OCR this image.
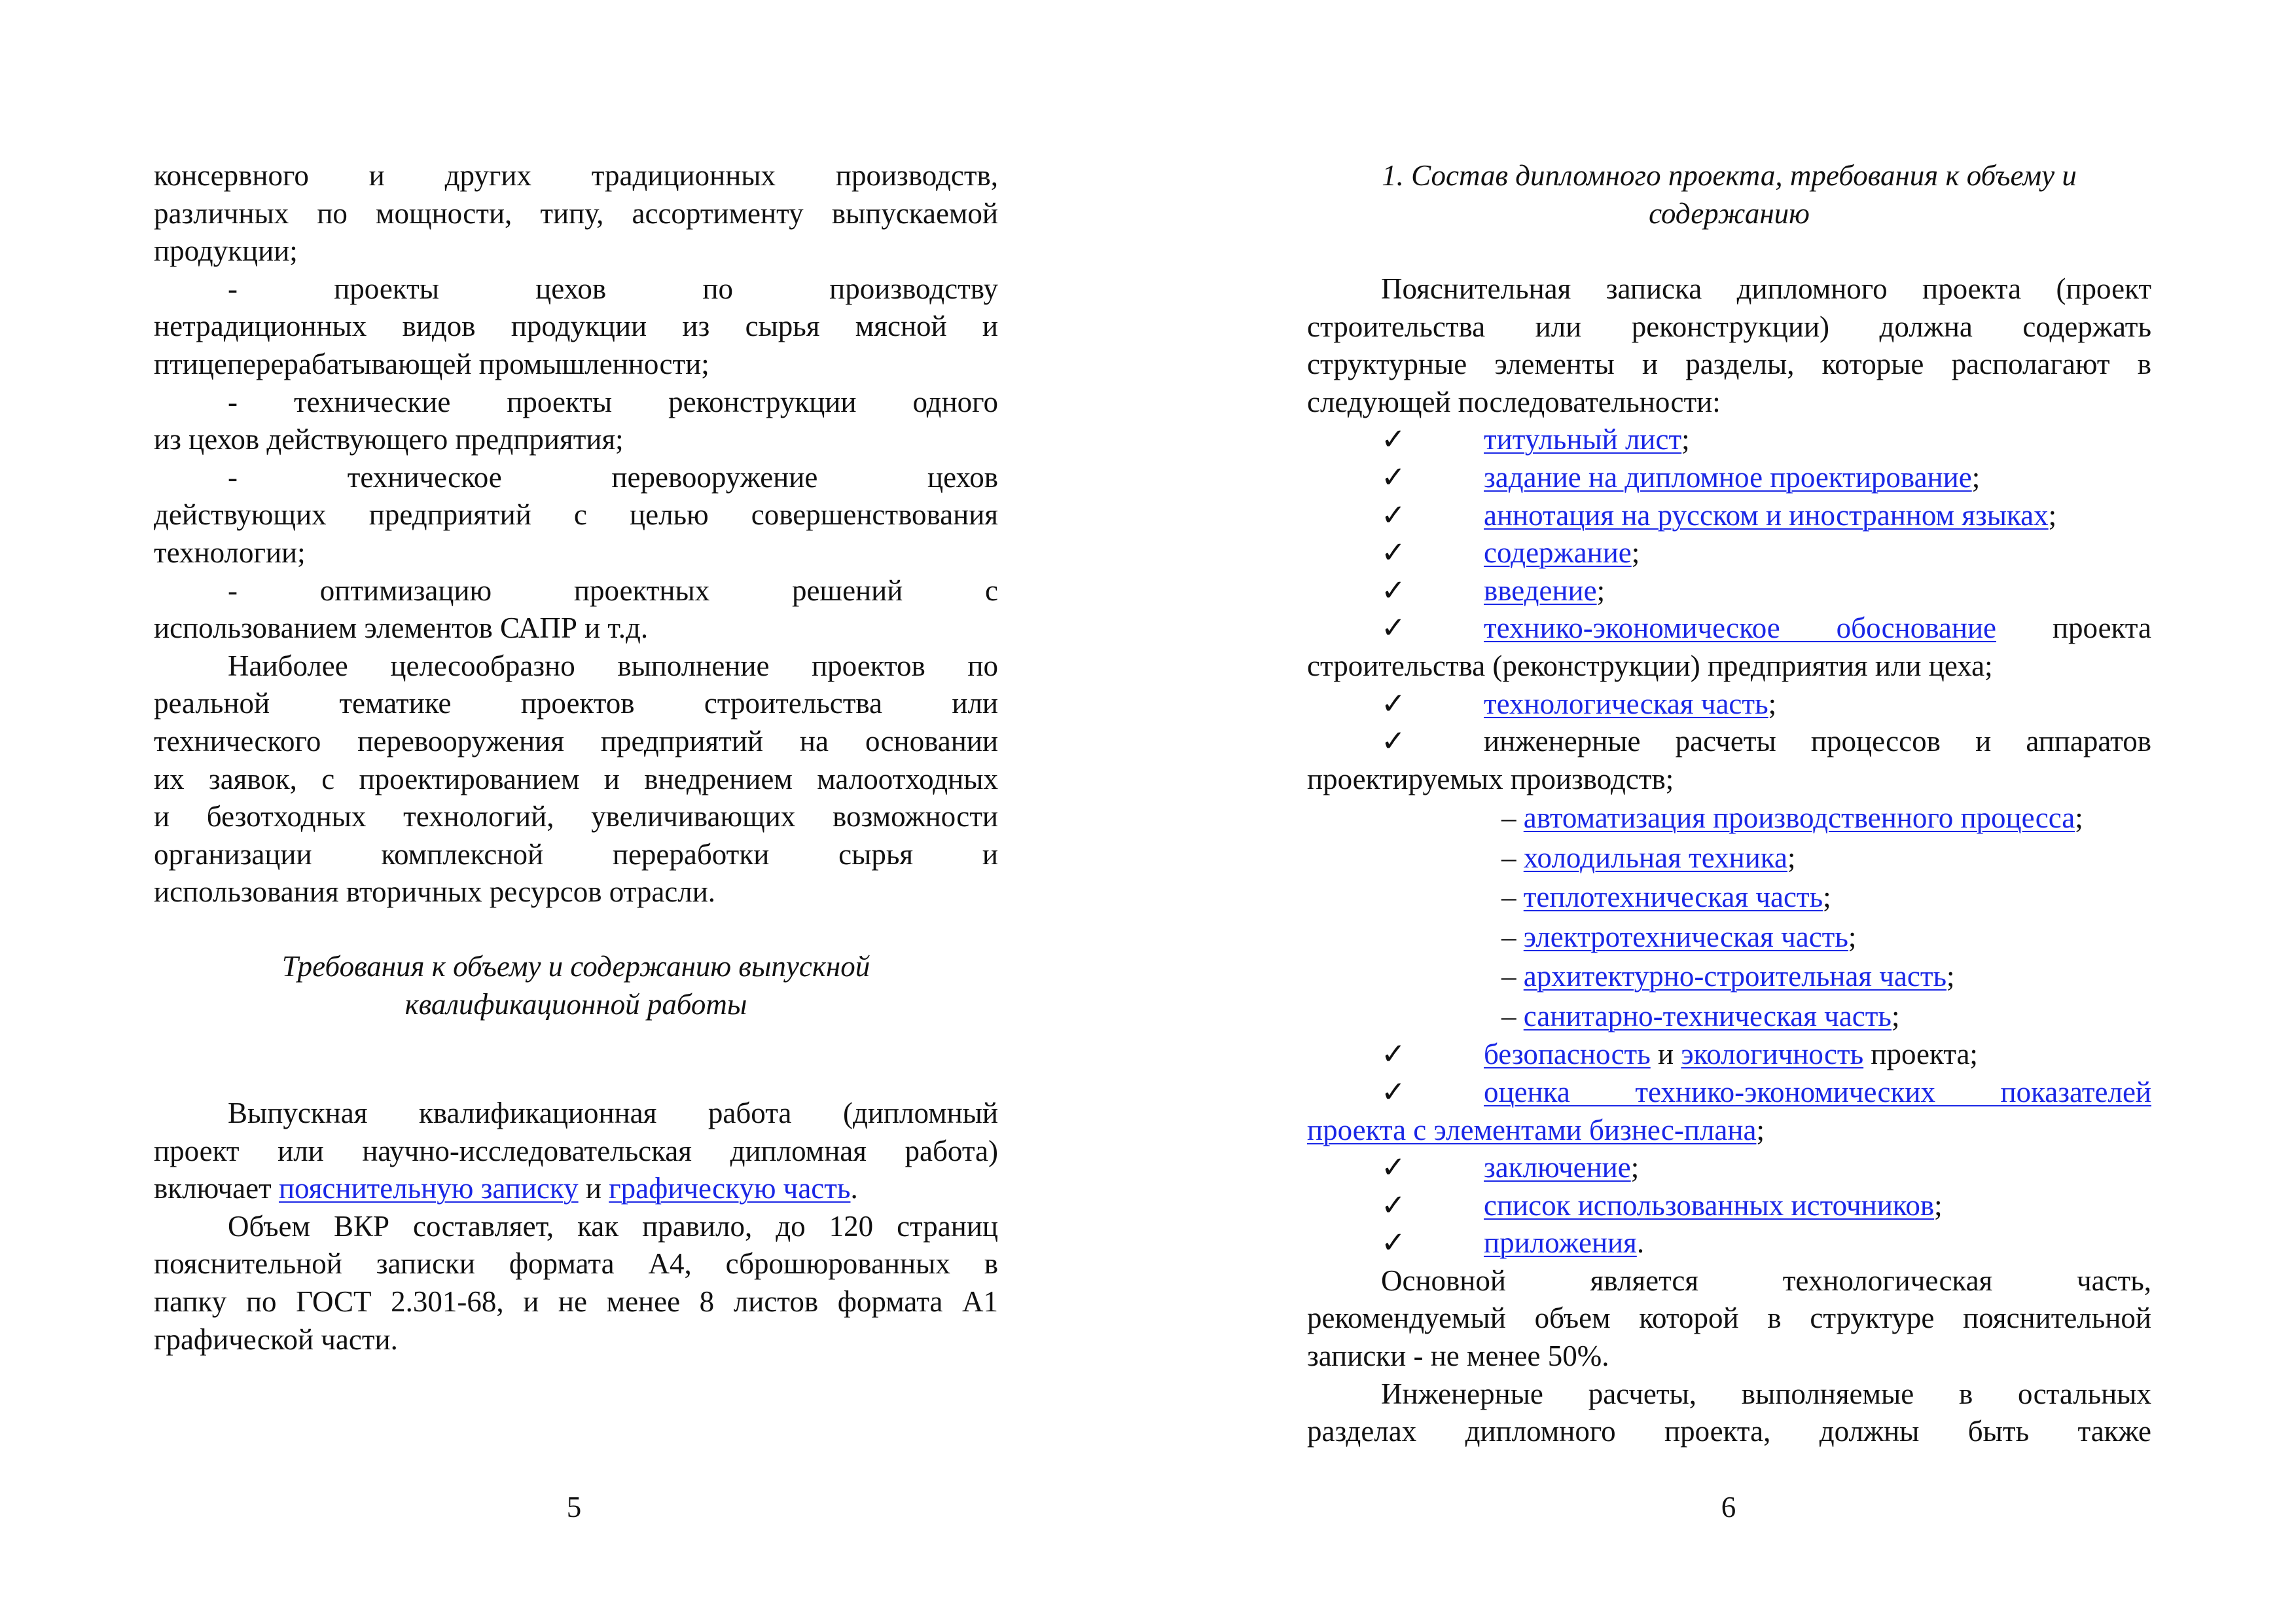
консервного и других традиционных производств,
различных по мощности, типу, ассортименту выпускаемой
продукции;
-	проекты цехов по производству
нетрадиционных видов продукции из сырья мясной и
птицеперерабатывающей промышленности;
- технические проекты реконструкции одного
из цехов действующего предприятия;
-	техническое перевооружение цехов
действующих предприятий с целью совершенствования
технологии;
-	оптимизацию проектных решений с
использованием элементов САПР и т.д.
Наиболее целесообразно выполнение проектов по
реальной тематике проектов строительства или
технического перевооружения предприятий на основании
их заявок, с проектированием и внедрением малоотходных
и безотходных технологий, увеличивающих возможности
организации комплексной переработки сырья и
использования вторичных ресурсов отрасли.
Требования к объему и содержанию выпускной
квалификационной работы
Выпускная квалификационная работа (дипломный
проект или научно-исследовательская дипломная работа)
включает пояснительную записку и графическую часть.
Объем ВКР составляет, как правило, до 120 страниц
пояснительной записки формата А4, сброшюрованных в
папку по ГОСТ 2.301-68, и не менее 8 листов формата А1
графической части.
5
1. Состав дипломного проекта, требования к объему и
содержанию
Пояснительная записка дипломного проекта (проект
строительства или реконструкции) должна содержать
структурные элементы и разделы, которые располагают в
следующей последовательности:
✓	титульный лист;
✓	задание на дипломное проектирование;
✓	аннотация на русском и иностранном языках;
✓	содержание;
✓	введение;
✓	технико-экономическое обоснование проекта
строительства (реконструкции) предприятия или цеха;
✓	технологическая часть;
✓	инженерные расчеты процессов и аппаратов
проектируемых производств;
– автоматизация производственного процесса;
– холодильная техника;
– теплотехническая часть;
– электротехническая часть;
– архитектурно-строительная часть;
– санитарно-техническая часть;
✓	безопасность и экологичность проекта;
✓	оценка технико-экономических показателей
проекта с элементами бизнес-плана;
✓	заключение;
✓	список использованных источников;
✓	приложения.
Основной является технологическая часть,
рекомендуемый объем которой в структуре пояснительной
записки - не менее 50%.
Инженерные расчеты, выполняемые в остальных
разделах дипломного проекта, должны быть также
6
